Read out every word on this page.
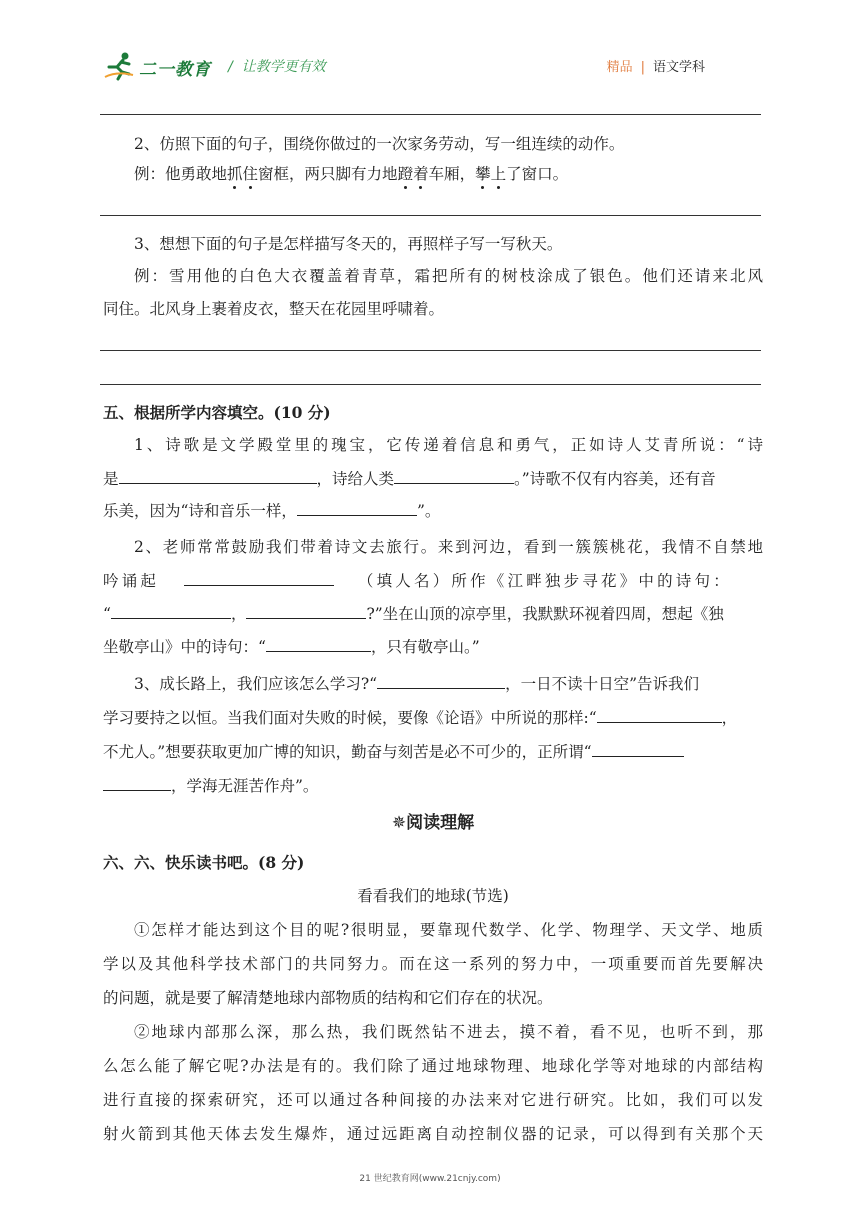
二一教育 /  让教学更有效	精品 | 语文学科
2、仿照下面的句子，围绕你做过的一次家务劳动，写一组连续的动作。
例：他勇敢地抓住窗框，两只脚有力地蹬着车厢，攀上了窗口。
3、想想下面的句子是怎样描写冬天的，再照样子写一写秋天。
例：雪用他的白色大衣覆盖着青草，霜把所有的树枝涂成了银色。他们还请来北风
同住。北风身上裹着皮衣，整天在花园里呼啸着。
五、根据所学内容填空。(10 分)
1、诗歌是文学殿堂里的瑰宝，它传递着信息和勇气，正如诗人艾青所说：“诗
是	，诗给人类	。”诗歌不仅有内容美，还有音
乐美，因为“诗和音乐一样，	”。
2、老师常常鼓励我们带着诗文去旅行。来到河边，看到一簇簇桃花，我情不自禁地
吟诵起	（填人名）所作《江畔独步寻花》中的诗句：
“	，	?”坐在山顶的凉亭里，我默默环视着四周，想起《独
坐敬亭山》中的诗句：“	，只有敬亭山。”
3、成长路上，我们应该怎么学习?“	，一日不读十日空”告诉我们
学习要持之以恒。当我们面对失败的时候，要像《论语》中所说的那样:“	，
不尤人。”想要获取更加广博的知识，勤奋与刻苦是必不可少的，正所谓“
，学海无涯苦作舟”。
✵阅读理解
六、六、快乐读书吧。(8 分)
看看我们的地球(节选)
①怎样才能达到这个目的呢?很明显，要靠现代数学、化学、物理学、天文学、地质
学以及其他科学技术部门的共同努力。而在这一系列的努力中，一项重要而首先要解决
的问题，就是要了解清楚地球内部物质的结构和它们存在的状况。
②地球内部那么深，那么热，我们既然钻不进去，摸不着，看不见，也听不到，那
么怎么能了解它呢?办法是有的。我们除了通过地球物理、地球化学等对地球的内部结构
进行直接的探索研究，还可以通过各种间接的办法来对它进行研究。比如，我们可以发
射火箭到其他天体去发生爆炸，通过远距离自动控制仪器的记录，可以得到有关那个天
21 世纪教育网(www.21cnjy.com)
